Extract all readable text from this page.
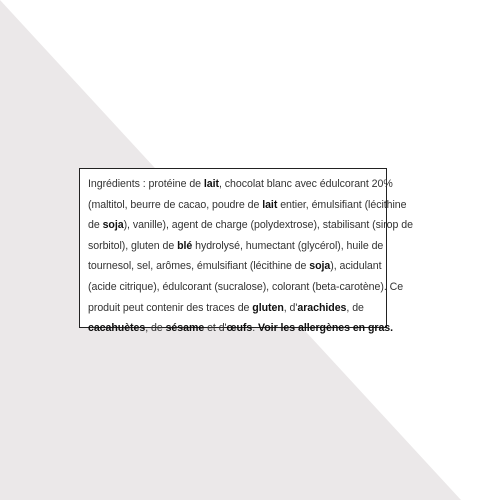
Ingrédients : protéine de lait, chocolat blanc avec édulcorant 20%
(maltitol, beurre de cacao, poudre de lait entier, émulsifiant (lécithine
de soja), vanille), agent de charge (polydextrose), stabilisant (sirop de
sorbitol), gluten de blé hydrolysé, humectant (glycérol), huile de
tournesol, sel, arômes, émulsifiant (lécithine de soja), acidulant
(acide citrique), édulcorant (sucralose), colorant (beta-carotène). Ce
produit peut contenir des traces de gluten, d'arachides, de
cacahuètes, de sésame et d'œufs. Voir les allergènes en gras.
